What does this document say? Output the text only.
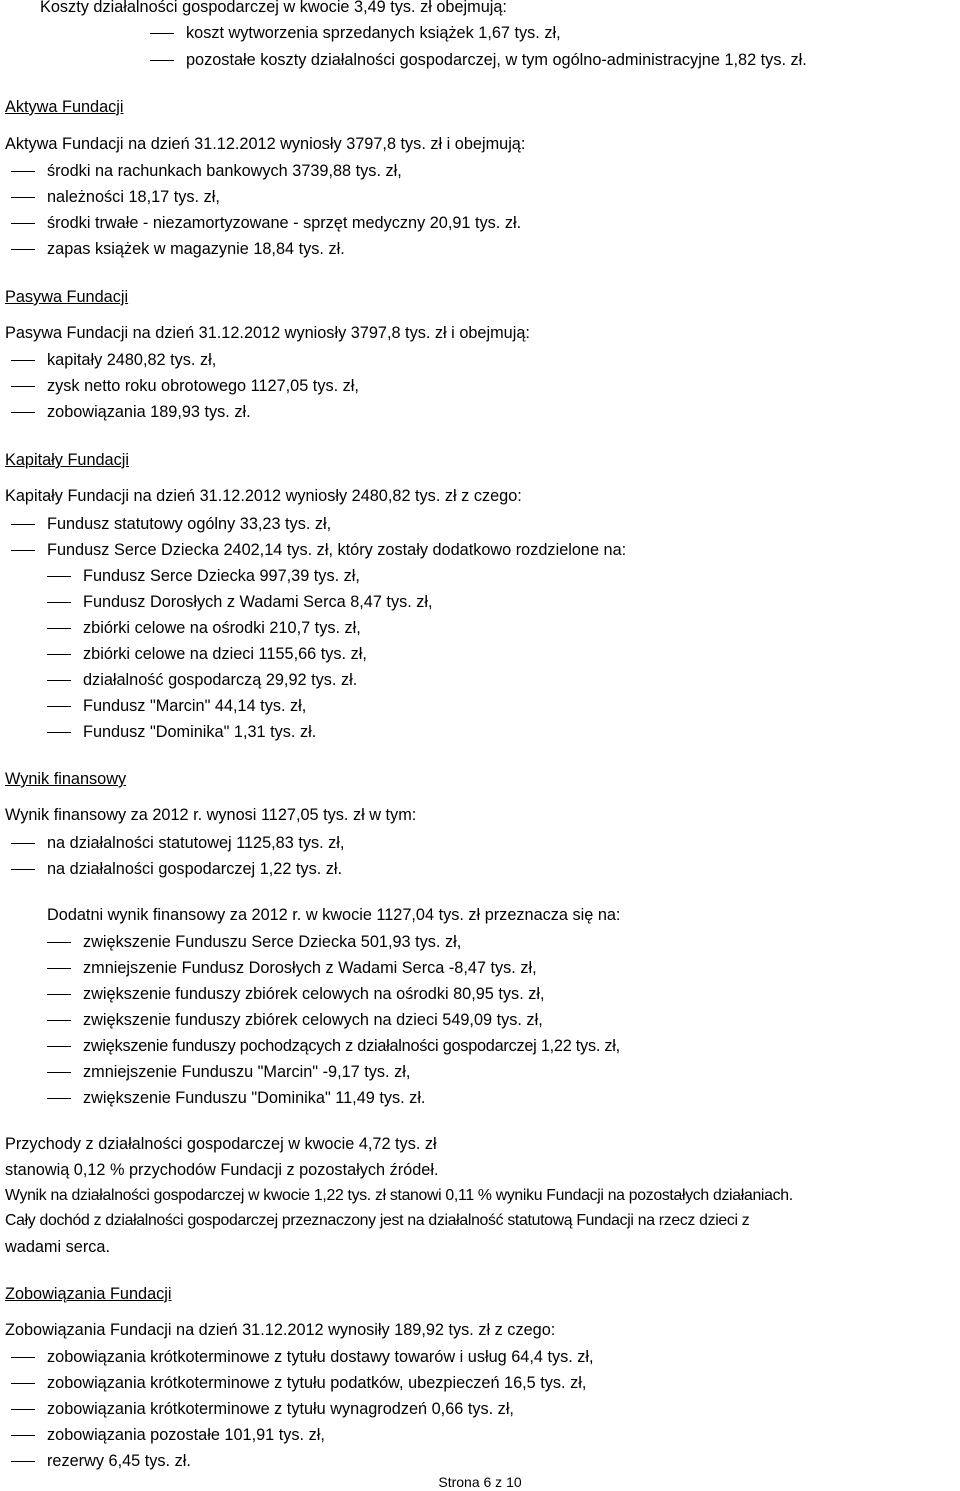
Koszty działalności gospodarczej w kwocie 3,49 tys. zł obejmują:
koszt wytworzenia sprzedanych książek 1,67 tys. zł,
pozostałe koszty działalności gospodarczej, w tym ogólno-administracyjne 1,82 tys. zł.
Aktywa Fundacji
Aktywa Fundacji na dzień 31.12.2012 wyniosły 3797,8 tys. zł i obejmują:
środki na rachunkach bankowych 3739,88 tys. zł,
należności 18,17 tys. zł,
środki trwałe - niezamortyzowane - sprzęt medyczny 20,91 tys. zł.
zapas książek w magazynie 18,84 tys. zł.
Pasywa Fundacji
Pasywa Fundacji na dzień 31.12.2012 wyniosły 3797,8 tys. zł i obejmują:
kapitały 2480,82 tys. zł,
zysk netto roku obrotowego 1127,05 tys. zł,
zobowiązania 189,93 tys. zł.
Kapitały Fundacji
Kapitały Fundacji na dzień 31.12.2012 wyniosły 2480,82 tys. zł z czego:
Fundusz statutowy ogólny 33,23 tys. zł,
Fundusz Serce Dziecka 2402,14 tys. zł, który zostały dodatkowo rozdzielone na:
Fundusz Serce Dziecka 997,39 tys. zł,
Fundusz Dorosłych z Wadami Serca 8,47 tys. zł,
zbiórki celowe na ośrodki 210,7 tys. zł,
zbiórki celowe na dzieci 1155,66 tys. zł,
działalność gospodarczą 29,92 tys. zł.
Fundusz "Marcin" 44,14 tys. zł,
Fundusz "Dominika" 1,31 tys. zł.
Wynik finansowy
Wynik finansowy za 2012 r. wynosi 1127,05 tys. zł w tym:
na działalności statutowej 1125,83 tys. zł,
na działalności gospodarczej 1,22 tys. zł.
Dodatni wynik finansowy za 2012 r. w kwocie 1127,04 tys. zł przeznacza się na:
zwiększenie Funduszu Serce Dziecka 501,93 tys. zł,
zmniejszenie Fundusz Dorosłych z Wadami Serca -8,47 tys. zł,
zwiększenie funduszy zbiórek celowych na ośrodki 80,95 tys. zł,
zwiększenie funduszy zbiórek celowych na dzieci 549,09 tys. zł,
zwiększenie funduszy pochodzących z działalności gospodarczej 1,22 tys. zł,
zmniejszenie Funduszu "Marcin" -9,17 tys. zł,
zwiększenie Funduszu "Dominika" 11,49 tys. zł.
Przychody z działalności gospodarczej w kwocie 4,72 tys. zł
stanowią 0,12 % przychodów Fundacji z pozostałych źródeł.
Wynik na działalności gospodarczej w kwocie 1,22 tys. zł stanowi 0,11 % wyniku Fundacji na pozostałych działaniach.
Cały dochód z działalności gospodarczej przeznaczony jest na działalność statutową Fundacji na rzecz dzieci z
wadami serca.
Zobowiązania Fundacji
Zobowiązania Fundacji na dzień 31.12.2012 wynosiły 189,92 tys. zł z czego:
zobowiązania krótkoterminowe z tytułu dostawy towarów i usług 64,4 tys. zł,
zobowiązania krótkoterminowe z tytułu podatków, ubezpieczeń 16,5 tys. zł,
zobowiązania krótkoterminowe z tytułu wynagrodzeń 0,66 tys. zł,
zobowiązania pozostałe 101,91 tys. zł,
rezerwy 6,45 tys. zł.
Strona 6 z 10
